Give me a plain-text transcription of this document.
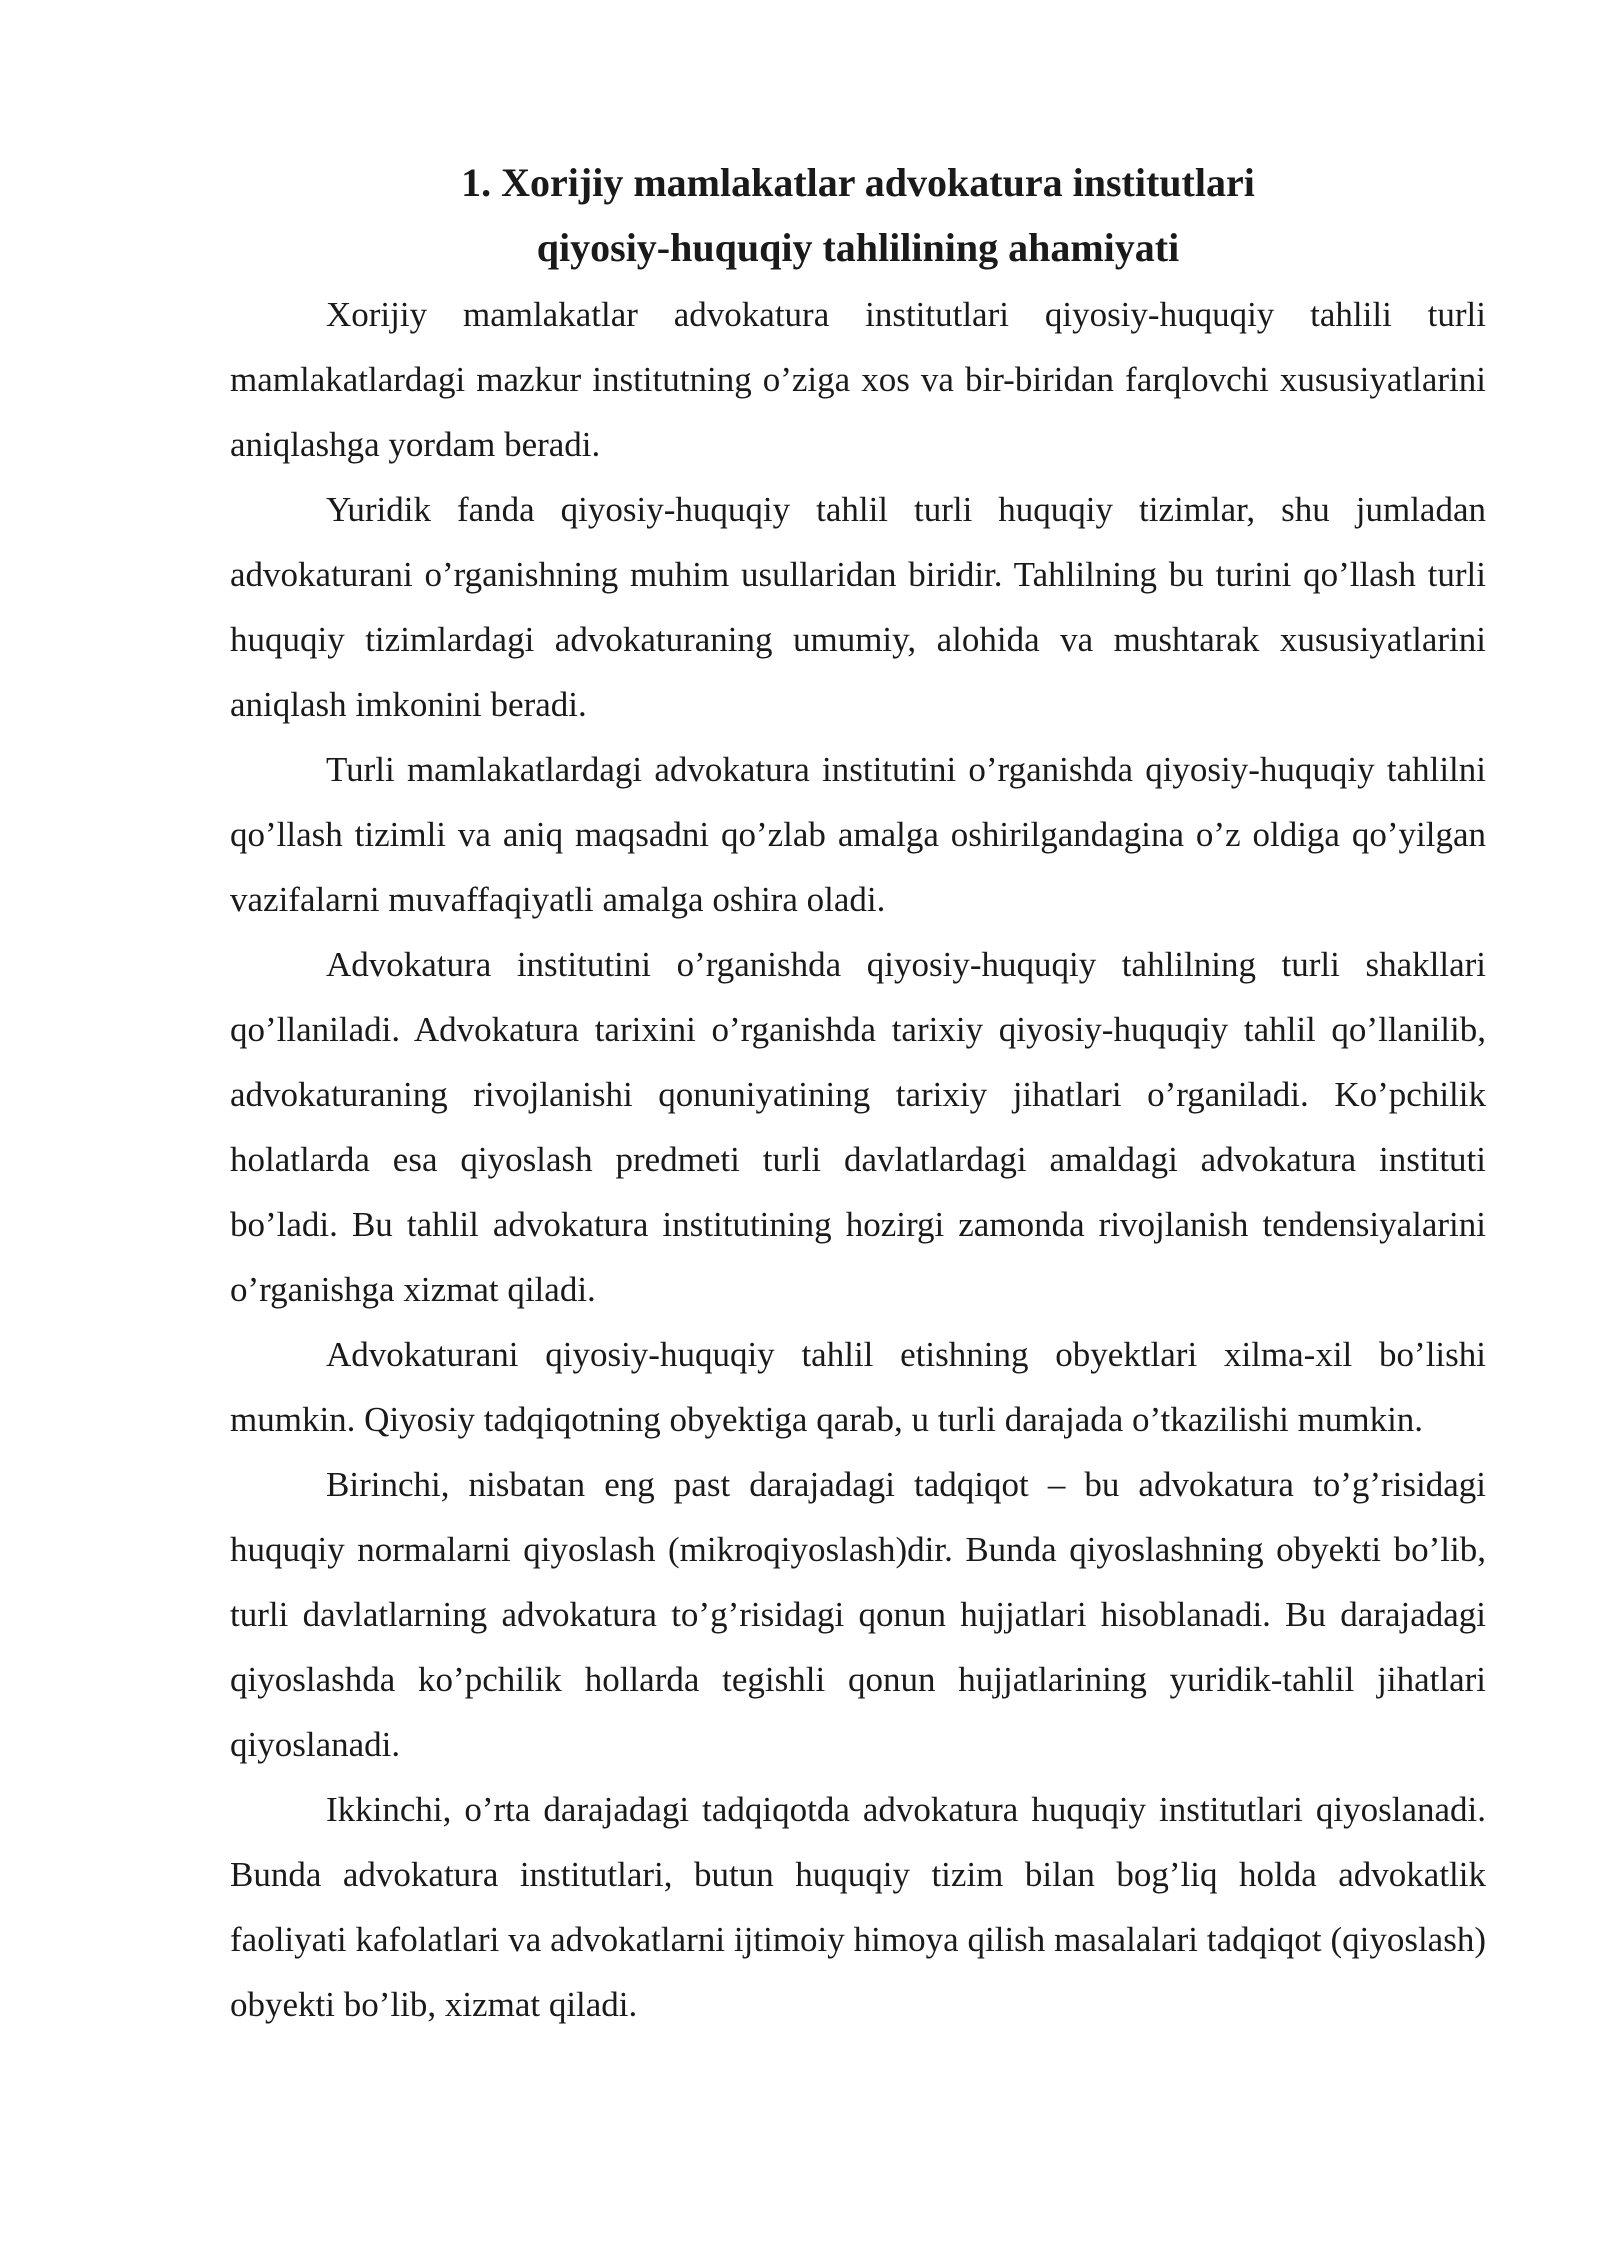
1. Xorijiy mamlakatlar advokatura institutlari
qiyosiy-huquqiy tahlilining ahamiyati

Xorijiy mamlakatlar advokatura institutlari qiyosiy-huquqiy tahlili turli mamlakatlardagi mazkur institutning o’ziga xos va bir-biridan farqlovchi xususiyatlarini aniqlashga yordam beradi.

Yuridik fanda qiyosiy-huquqiy tahlil turli huquqiy tizimlar, shu jumladan advokaturani o’rganishning muhim usullaridan biridir. Tahlilning bu turini qo’llash turli huquqiy tizimlardagi advokaturaning umumiy, alohida va mushtarak xususiyatlarini aniqlash imkonini beradi.

Turli mamlakatlardagi advokatura institutini o’rganishda qiyosiy-huquqiy tahlilni qo’llash tizimli va aniq maqsadni qo’zlab amalga oshirilgandagina o’z oldiga qo’yilgan vazifalarni muvaffaqiyatli amalga oshira oladi.

Advokatura institutini o’rganishda qiyosiy-huquqiy tahlilning turli shakllari qo’llaniladi. Advokatura tarixini o’rganishda tarixiy qiyosiy-huquqiy tahlil qo’llanilib, advokaturaning rivojlanishi qonuniyatining tarixiy jihatlari o’rganiladi. Ko’pchilik holatlarda esa qiyoslash predmeti turli davlatlardagi amaldagi advokatura instituti bo’ladi. Bu tahlil advokatura institutining hozirgi zamonda rivojlanish tendensiyalarini o’rganishga xizmat qiladi.

Advokaturani qiyosiy-huquqiy tahlil etishning obyektlari xilma-xil bo’lishi mumkin. Qiyosiy tadqiqotning obyektiga qarab, u turli darajada o’tkazilishi mumkin.

Birinchi, nisbatan eng past darajadagi tadqiqot – bu advokatura to’g’risidagi huquqiy normalarni qiyoslash (mikroqiyoslash)dir. Bunda qiyoslashning obyekti bo’lib, turli davlatlarning advokatura to’g’risidagi qonun hujjatlari hisoblanadi. Bu darajadagi qiyoslashda ko’pchilik hollarda tegishli qonun hujjatlarining yuridik-tahlil jihatlari qiyoslanadi.

Ikkinchi, o’rta darajadagi tadqiqotda advokatura huquqiy institutlari qiyoslanadi. Bunda advokatura institutlari, butun huquqiy tizim bilan bog’liq holda advokatlik faoliyati kafolatlari va advokatlarni ijtimoiy himoya qilish masalalari tadqiqot (qiyoslash) obyekti bo’lib, xizmat qiladi.
